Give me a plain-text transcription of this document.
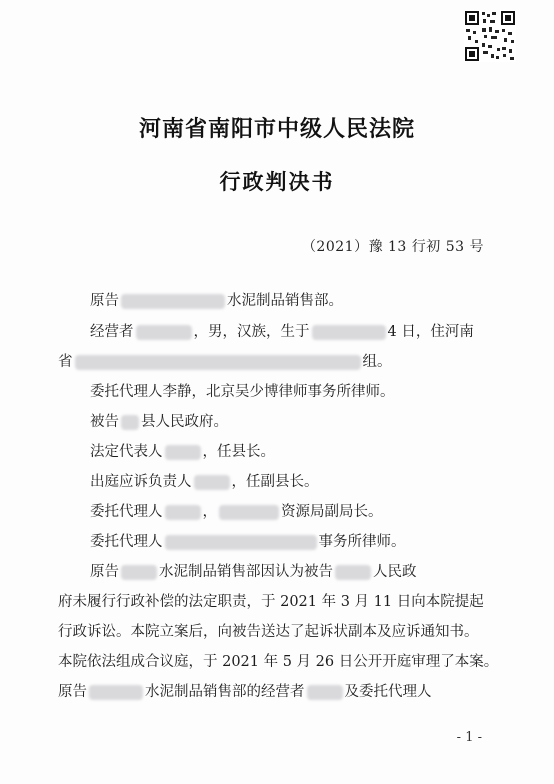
河南省南阳市中级人民法院
行政判决书
（2021）豫 13 行初 53 号
原告	水泥制品销售部。
经营者	，男，汉族，生于	4 日，住河南
省	组。
委托代理人李静，北京吴少博律师事务所律师。
被告 县人民政府。
法定代表人	，任县长。
出庭应诉负责人	，任副县长。
委托代理人	，	资源局副局长。
委托代理人	事务所律师。
原告	水泥制品销售部因认为被告	人民政
府未履行行政补偿的法定职责，于 2021 年 3 月 11 日向本院提起
行政诉讼。本院立案后，向被告送达了起诉状副本及应诉通知书。
本院依法组成合议庭，于 2021 年 5 月 26 日公开开庭审理了本案。
原告	水泥制品销售部的经营者	及委托代理人
- 1 -
